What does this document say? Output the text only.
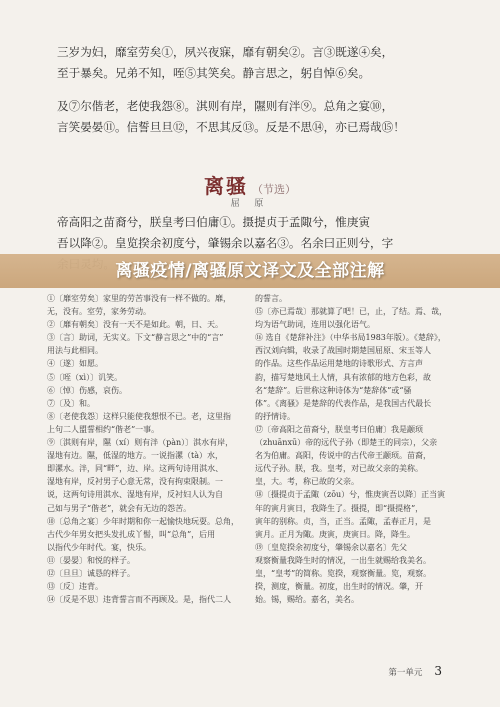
三岁为妇，靡室劳矣①，夙兴夜寐，靡有朝矣②。言③既遂④矣，
至于暴矣。兄弟不知，咥⑤其笑矣。静言思之，躬自悼⑥矣。
及⑦尔偕老，老使我怨⑧。淇则有岸，隰则有泮⑨。总角之宴⑩，
言笑晏晏⑪。信誓旦旦⑫，不思其反⑬。反是不思⑭，亦已焉哉⑮！
离骚 （节选）
屈 原
帝高阳之苗裔兮，朕皇考曰伯庸①。摄提贞于孟陬兮，惟庚寅
吾以降②。皇览揆余初度兮，肇锡余以嘉名③。名余曰正则兮，字
离骚疫情/离骚原文译文及全部注解

①〔靡室劳矣〕家里的劳苦事没有一样不做的。靡，

无，没有。室劳，家务劳动。

②〔靡有朝矣〕没有一天不是如此。朝，日、天。

③〔言〕助词，无实义。下文“静言思之”中的“言”

用法与此相同。

④〔遂〕如愿。

⑤〔咥（xì）〕讥笑。

⑥〔悼〕伤感，哀伤。

⑦〔及〕和。

⑧〔老使我怨〕这样只能使我想恨不已。老，这里指

上句二人盟誓相约“偕老”一事。

⑨〔淇则有岸，隰（xí）则有泮（pàn）〕淇水有岸，

湿地有边。隰，低湿的地方。一说指漯（tà）水，

即漯水。泮，同“畔”，边、岸。这两句诗用淇水、

湿地有岸，反衬男子心意无常，没有拘束限制。一

说，这两句诗用淇水、湿地有岸，反衬妇人认为自

己如与男子“偕老”，就会有无边的怨苦。

⑩〔总角之宴〕少年时期和你一起愉快地玩耍。总角，

古代少年男女把头发扎成丫髻，叫“总角”，后用

以指代少年时代。宴，快乐。

⑪〔晏晏〕和悦的样子。

⑫〔旦旦〕诚恳的样子。

⑬〔反〕违背。

⑭〔反是不思〕违背誓言而不再顾及。是，指代二人

的誓言。

⑮〔亦已焉哉〕那就算了吧！已，止，了结。焉、哉，

均为语气助词，连用以强化语气。

⑯ 选自《楚辞补注》（中华书局1983年版）。《楚辞》，

西汉刘向辑，收录了战国时期楚国屈原、宋玉等人

的作品。这些作品运用楚地的诗歌形式、方言声

韵，描写楚地风土人情，具有浓郁的地方色彩，故

名“楚辞”。后世称这种诗体为“楚辞体”或“骚

体”。《离骚》是楚辞的代表作品，是我国古代最长

的抒情诗。

⑰〔帝高阳之苗裔兮，朕皇考曰伯庸〕我是颛顼

（zhuānxū）帝的远代子孙（即楚王的同宗），父亲

名为伯庸。高阳，传说中的古代帝王颛顼。苗裔，

远代子孙。朕，我。皇考，对已故父亲的美称。

皇，大。考，称已故的父亲。

⑱〔摄提贞于孟陬（zōu）兮，惟庚寅吾以降〕正当寅

年的寅月寅日，我降生了。摄提，即“摄提格”，

寅年的别称。贞，当，正当。孟陬，孟春正月，是

寅月。正月为陬。庚寅，庚寅日。降，降生。

⑲〔皇览揆余初度兮，肇锡余以嘉名〕先父

观察衡量我降生时的情况，一出生就赐给我美名。

皇，“皇考”的简称。览揆，观察衡量。览，观察。

揆，测度，衡量。初度，出生时的情况。肇，开

始。锡，赐给。嘉名，美名。

第一单元 3
